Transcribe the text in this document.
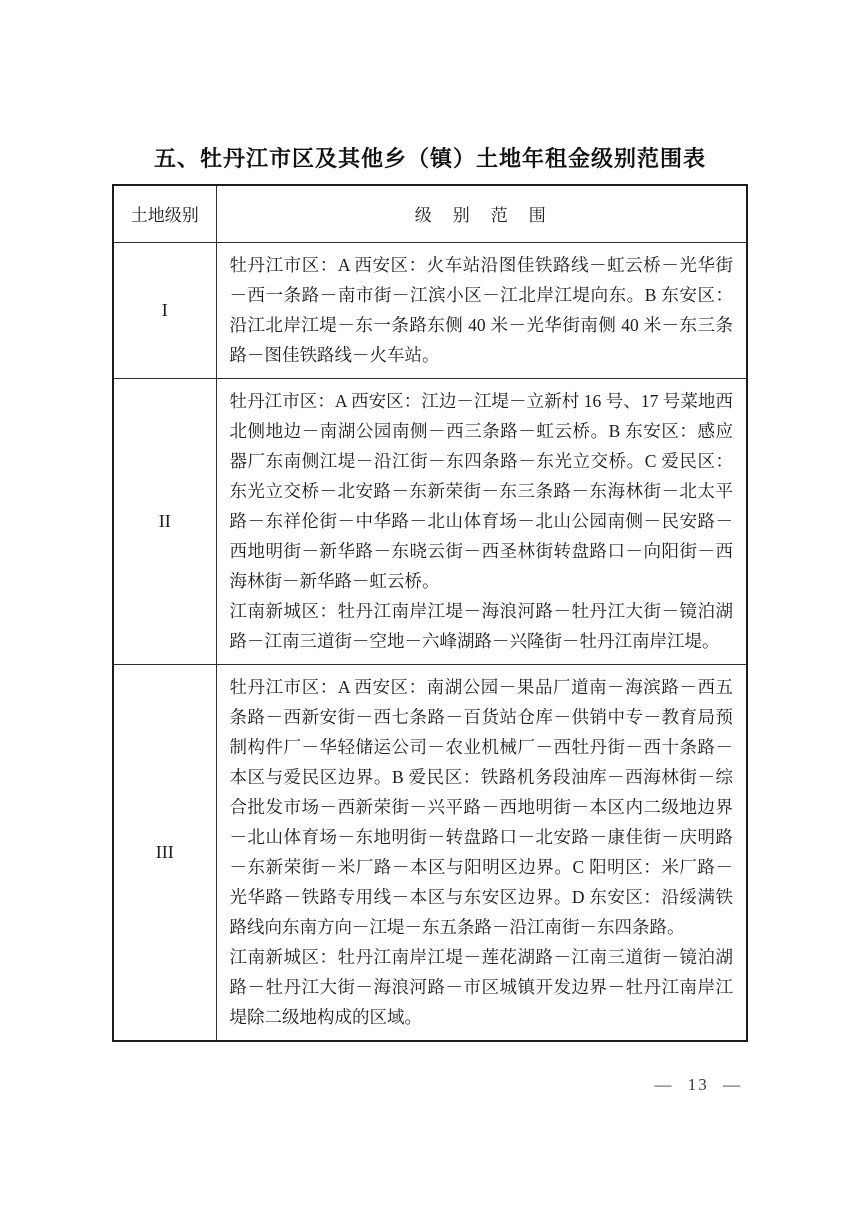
五、牡丹江市区及其他乡（镇）土地年租金级别范围表
土地级别	级　别　范　围
I	牡丹江市区：A 西安区：火车站沿图佳铁路线－虹云桥－光华街－西一条路－南市街－江滨小区－江北岸江堤向东。B 东安区：沿江北岸江堤－东一条路东侧 40 米－光华街南侧 40 米－东三条路－图佳铁路线－火车站。

II	牡丹江市区：A 西安区：江边－江堤－立新村 16 号、17 号菜地西北侧地边－南湖公园南侧－西三条路－虹云桥。B 东安区：感应器厂东南侧江堤－沿江街－东四条路－东光立交桥。C 爱民区：东光立交桥－北安路－东新荣街－东三条路－东海林街－北太平路－东祥伦街－中华路－北山体育场－北山公园南侧－民安路－西地明街－新华路－东晓云街－西圣林街转盘路口－向阳街－西海林街－新华路－虹云桥。

江南新城区：牡丹江南岸江堤－海浪河路－牡丹江大街－镜泊湖路－江南三道街－空地－六峰湖路－兴隆街－牡丹江南岸江堤。

III	牡丹江市区：A 西安区：南湖公园－果品厂道南－海滨路－西五条路－西新安街－西七条路－百货站仓库－供销中专－教育局预制构件厂－华轻储运公司－农业机械厂－西牡丹街－西十条路－本区与爱民区边界。B 爱民区：铁路机务段油库－西海林街－综合批发市场－西新荣街－兴平路－西地明街－本区内二级地边界－北山体育场－东地明街－转盘路口－北安路－康佳街－庆明路－东新荣街－米厂路－本区与阳明区边界。C 阳明区：米厂路－光华路－铁路专用线－本区与东安区边界。D 东安区：沿绥满铁路线向东南方向－江堤－东五条路－沿江南街－东四条路。

江南新城区：牡丹江南岸江堤－莲花湖路－江南三道街－镜泊湖路－牡丹江大街－海浪河路－市区城镇开发边界－牡丹江南岸江堤除二级地构成的区域。

— 13 —
